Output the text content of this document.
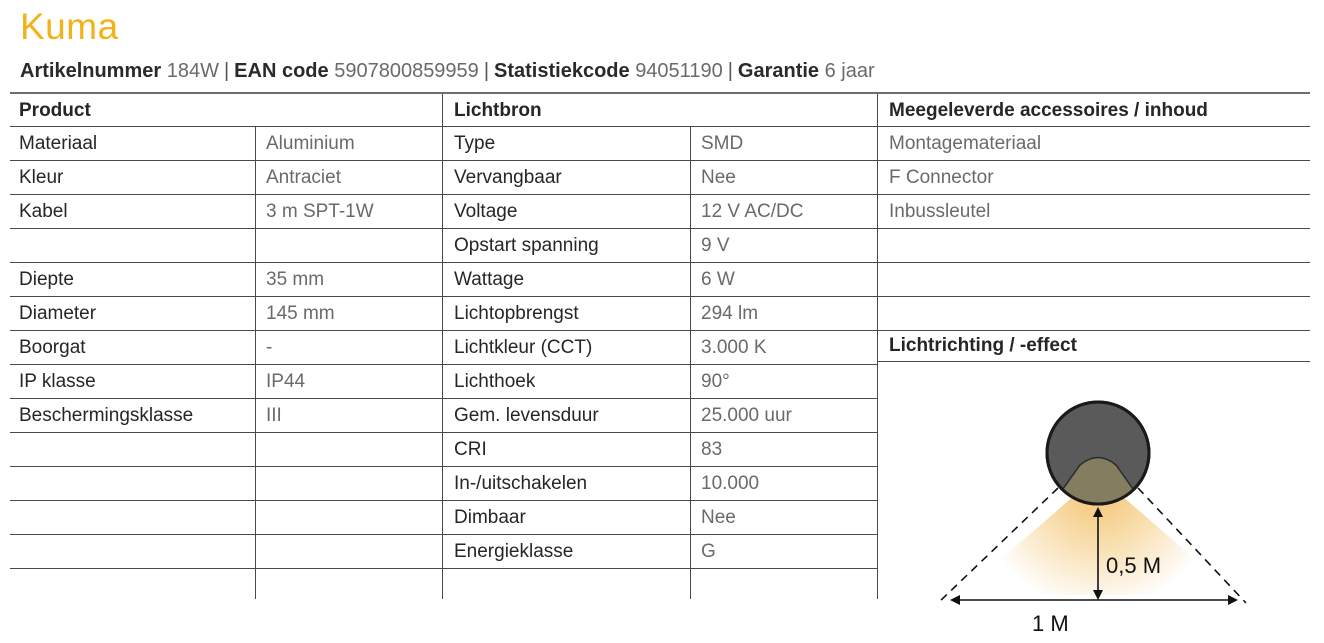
Kuma
Artikelnummer 184W | EAN code 5907800859959 | Statistiekcode 94051190 | Garantie 6 jaar
Product
Materiaal	Aluminium
Kleur	Antraciet
Kabel	3 m SPT-1W
Diepte	35 mm
Diameter	145 mm
Boorgat	-
IP klasse	IP44
Beschermingsklasse	III
Lichtbron
Type	SMD
Vervangbaar	Nee
Voltage	12 V AC/DC
Opstart spanning	9 V
Wattage	6 W
Lichtopbrengst	294 lm
Lichtkleur (CCT)	3.000 K
Lichthoek	90°
Gem. levensduur	25.000 uur
CRI	83
In-/uitschakelen	10.000
Dimbaar	Nee
Energieklasse	G
Meegeleverde accessoires / inhoud
Montagemateriaal
F Connector
Inbussleutel
Lichtrichting / -effect
0,5 M
1 M
